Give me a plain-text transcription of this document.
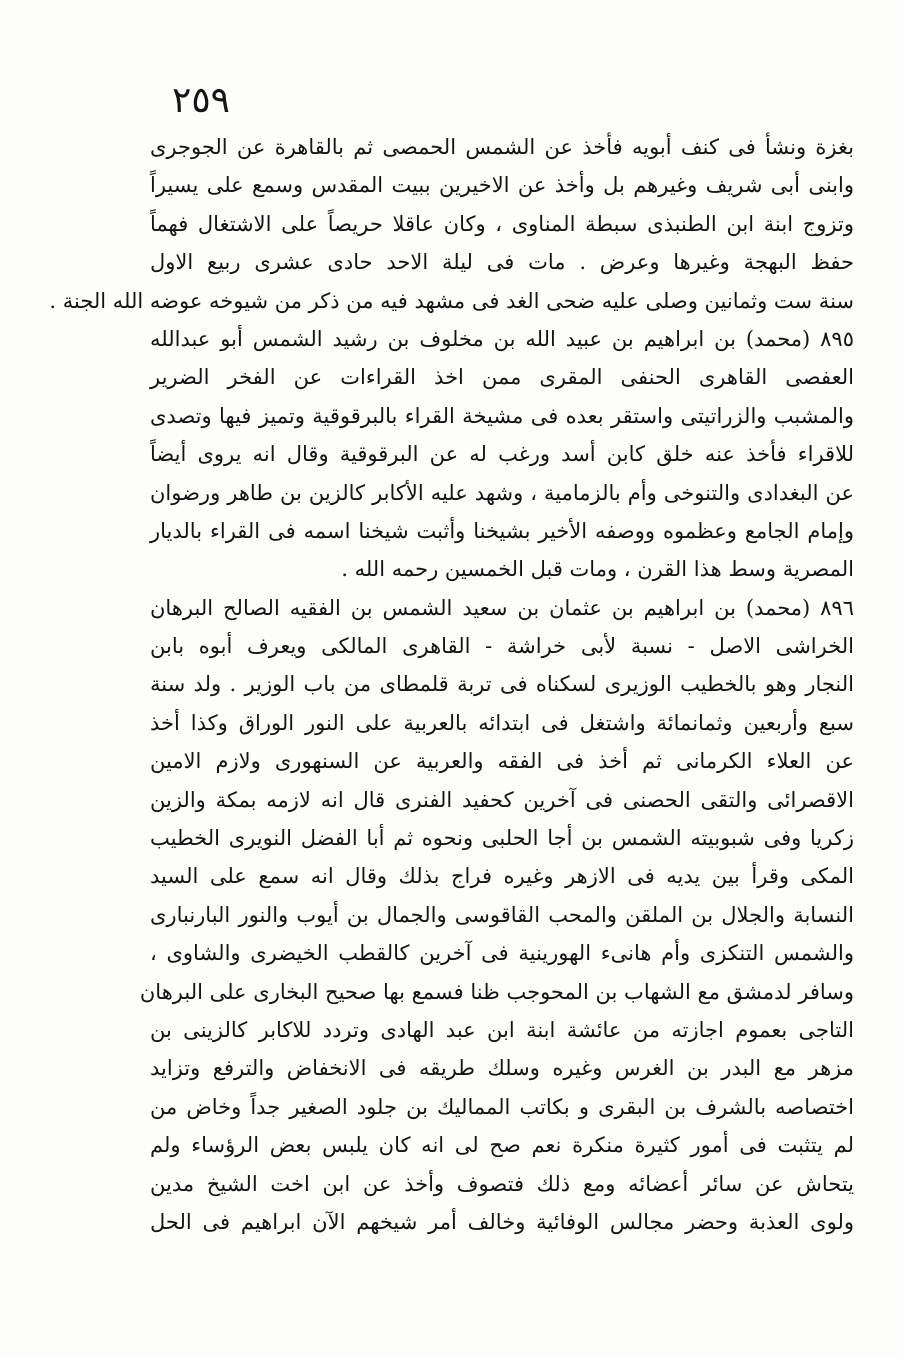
٢٥٩
بغزة ونشأ فى كنف أبويه فأخذ عن الشمس الحمصى ثم بالقاهرة عن الجوجرى
وابنى أبى شريف وغيرهم بل وأخذ عن الاخيرين ببيت المقدس وسمع على يسيراً
وتزوج ابنة ابن الطنبذى سبطة المناوى ، وكان عاقلا حريصاً على الاشتغال فهماً
حفظ البهجة وغيرها وعرض . مات فى ليلة الاحد حادى عشرى ربيع الاول
سنة ست وثمانين وصلى عليه ضحى الغد فى مشهد فيه من ذكر من شيوخه عوضه الله الجنة .
٨٩٥ (محمد) بن ابراهيم بن عبيد الله بن مخلوف بن رشيد الشمس أبو عبدالله
العفصى القاهرى الحنفى المقرى ممن اخذ القراءات عن الفخر الضرير
والمشبب والزراتيتى واستقر بعده فى مشيخة القراء بالبرقوقية وتميز فيها وتصدى
للاقراء فأخذ عنه خلق كابن أسد ورغب له عن البرقوقية وقال انه يروى أيضاً
عن البغدادى والتنوخى وأم بالزمامية ، وشهد عليه الأكابر كالزين بن طاهر ورضوان
وإمام الجامع وعظموه ووصفه الأخير بشيخنا وأثبت شيخنا اسمه فى القراء بالديار
المصرية وسط هذا القرن ، ومات قبل الخمسين رحمه الله .
٨٩٦ (محمد) بن ابراهيم بن عثمان بن سعيد الشمس بن الفقيه الصالح البرهان
الخراشى الاصل - نسبة لأبى خراشة - القاهرى المالكى ويعرف أبوه بابن
النجار وهو بالخطيب الوزيرى لسكناه فى تربة قلمطاى من باب الوزير . ولد سنة
سبع وأربعين وثمانمائة واشتغل فى ابتدائه بالعربية على النور الوراق وكذا أخذ
عن العلاء الكرمانى ثم أخذ فى الفقه والعربية عن السنهورى ولازم الامين
الاقصرائى والتقى الحصنى فى آخرين كحفيد الفنرى قال انه لازمه بمكة والزين
زكريا وفى شبوبيته الشمس بن أجا الحلبى ونحوه ثم أبا الفضل النويرى الخطيب
المكى وقرأ بين يديه فى الازهر وغيره فراج بذلك وقال انه سمع على السيد
النسابة والجلال بن الملقن والمحب القاقوسى والجمال بن أيوب والنور البارنبارى
والشمس التنكزى وأم هانىء الهورينية فى آخرين كالقطب الخيضرى والشاوى ،
وسافر لدمشق مع الشهاب بن المحوجب ظنا فسمع بها صحيح البخارى على البرهان
التاجى بعموم اجازته من عائشة ابنة ابن عبد الهادى وتردد للاكابر كالزينى بن
مزهر مع البدر بن الغرس وغيره وسلك طريقه فى الانخفاض والترفع وتزايد
اختصاصه بالشرف بن البقرى و بكاتب المماليك بن جلود الصغير جداً وخاض من
لم يتثبت فى أمور كثيرة منكرة نعم صح لى انه كان يلبس بعض الرؤساء ولم
يتحاش عن سائر أعضائه ومع ذلك فتصوف وأخذ عن ابن اخت الشيخ مدين
ولوى العذبة وحضر مجالس الوفائية وخالف أمر شيخهم الآن ابراهيم فى الحل
